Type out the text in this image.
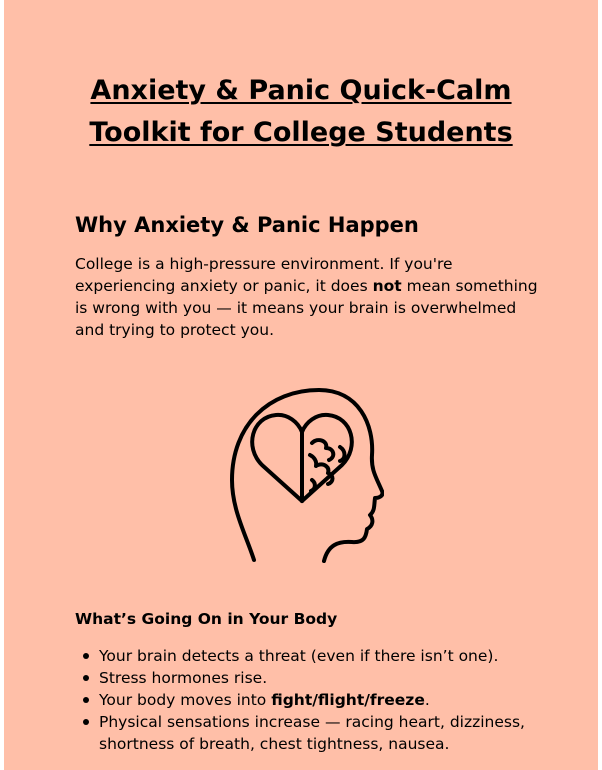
Anxiety & Panic Quick-Calm
Toolkit for College Students
Why Anxiety & Panic Happen

College is a high-pressure environment. If you're experiencing anxiety or panic, it does not mean something is wrong with you — it means your brain is overwhelmed and trying to protect you.

What’s Going On in Your Body
Your brain detects a threat (even if there isn’t one).
Stress hormones rise.
Your body moves into fight/flight/freeze.
Physical sensations increase — racing heart, dizziness, shortness of breath, chest tightness, nausea.
